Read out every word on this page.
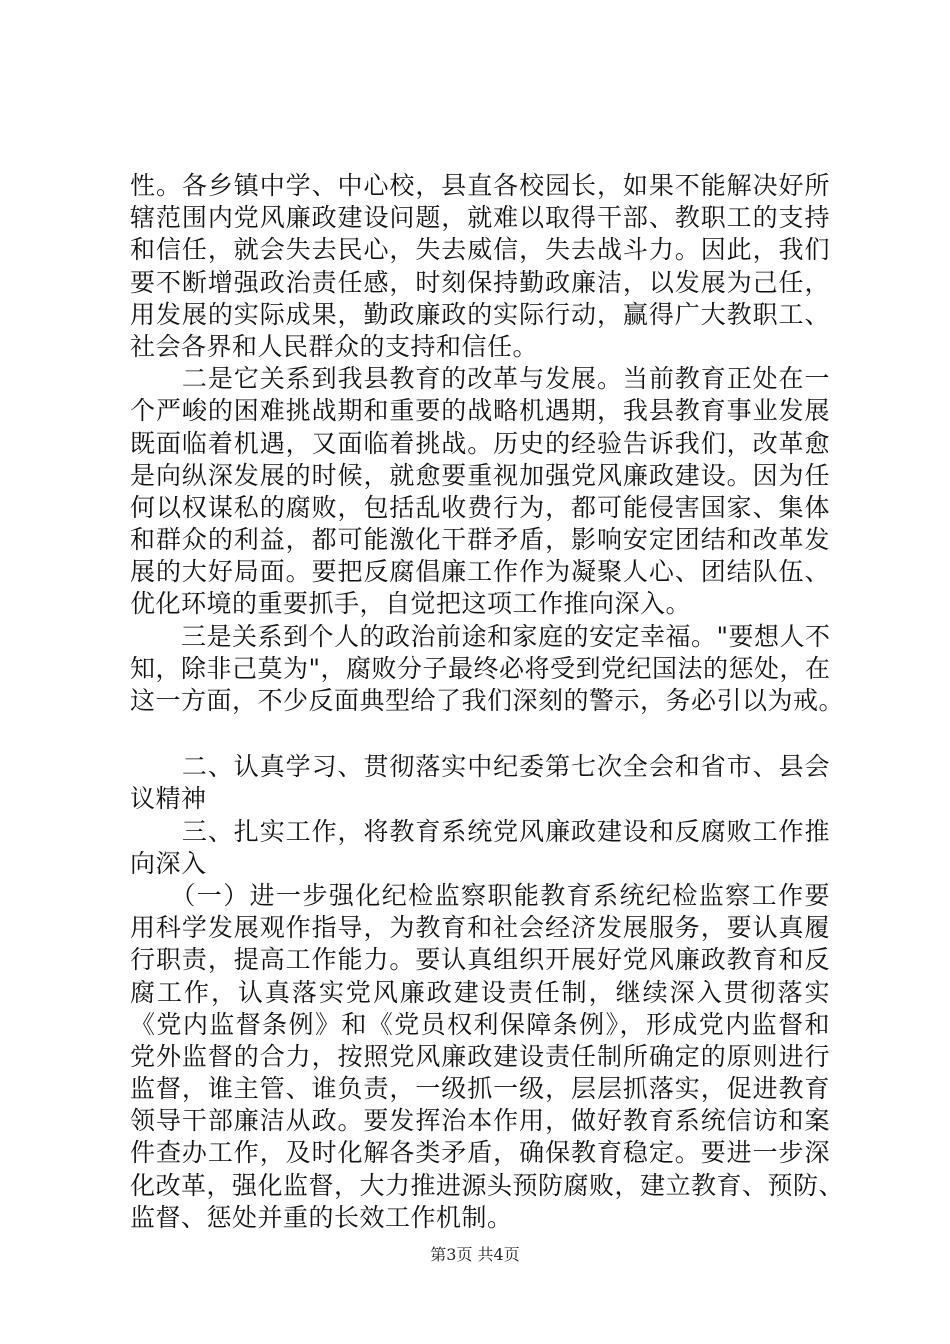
性。各乡镇中学、中心校，县直各校园长，如果不能解决好所
辖范围内党风廉政建设问题，就难以取得干部、教职工的支持
和信任，就会失去民心，失去威信，失去战斗力。因此，我们
要不断增强政治责任感，时刻保持勤政廉洁，以发展为己任，
用发展的实际成果，勤政廉政的实际行动，赢得广大教职工、
社会各界和人民群众的支持和信任。
　　二是它关系到我县教育的改革与发展。当前教育正处在一
个严峻的困难挑战期和重要的战略机遇期，我县教育事业发展
既面临着机遇，又面临着挑战。历史的经验告诉我们，改革愈
是向纵深发展的时候，就愈要重视加强党风廉政建设。因为任
何以权谋私的腐败，包括乱收费行为，都可能侵害国家、集体
和群众的利益，都可能激化干群矛盾，影响安定团结和改革发
展的大好局面。要把反腐倡廉工作作为凝聚人心、团结队伍、
优化环境的重要抓手，自觉把这项工作推向深入。
　　三是关系到个人的政治前途和家庭的安定幸福。"要想人不
知，除非己莫为"，腐败分子最终必将受到党纪国法的惩处，在
这一方面，不少反面典型给了我们深刻的警示，务必引以为戒。
　　二、认真学习、贯彻落实中纪委第七次全会和省市、县会
议精神
　　三、扎实工作，将教育系统党风廉政建设和反腐败工作推
向深入
　　（一）进一步强化纪检监察职能教育系统纪检监察工作要
用科学发展观作指导，为教育和社会经济发展服务，要认真履
行职责，提高工作能力。要认真组织开展好党风廉政教育和反
腐工作，认真落实党风廉政建设责任制，继续深入贯彻落实
《党内监督条例》和《党员权利保障条例》，形成党内监督和
党外监督的合力，按照党风廉政建设责任制所确定的原则进行
监督，谁主管、谁负责，一级抓一级，层层抓落实，促进教育
领导干部廉洁从政。要发挥治本作用，做好教育系统信访和案
件查办工作，及时化解各类矛盾，确保教育稳定。要进一步深
化改革，强化监督，大力推进源头预防腐败，建立教育、预防、
监督、惩处并重的长效工作机制。
第3页 共4页
